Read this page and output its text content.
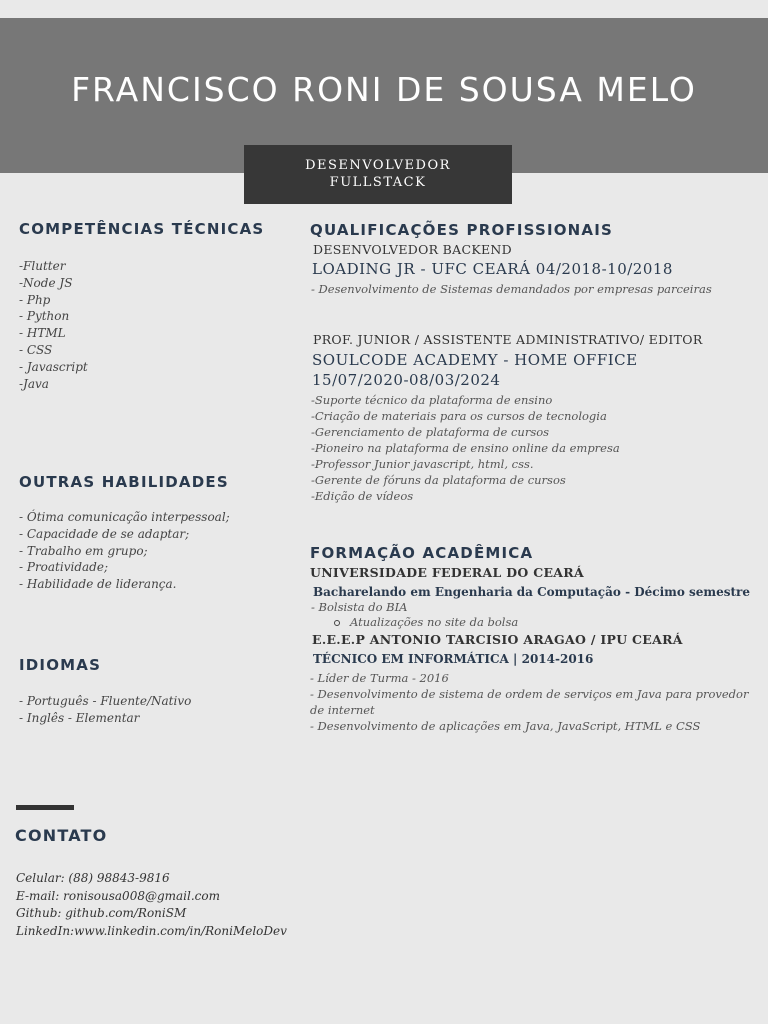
FRANCISCO RONI DE SOUSA MELO
DESENVOLVEDOR
FULLSTACK
COMPETÊNCIAS TÉCNICAS
-Flutter
-Node JS
- Php
- Python
- HTML
- CSS
- Javascript
-Java
OUTRAS HABILIDADES
- Ótima comunicação interpessoal;
- Capacidade de se adaptar;
- Trabalho em grupo;
- Proatividade;
- Habilidade de liderança.
IDIOMAS
- Português - Fluente/Nativo
- Inglês - Elementar
CONTATO
Celular: (88) 98843-9816
E-mail: ronisousa008@gmail.com
Github: github.com/RoniSM
LinkedIn:www.linkedin.com/in/RoniMeloDev
QUALIFICAÇÕES PROFISSIONAIS

DESENVOLVEDOR BACKEND

LOADING JR - UFC CEARÁ 04/2018-10/2018

- Desenvolvimento de Sistemas demandados por empresas parceiras

PROF. JUNIOR / ASSISTENTE ADMINISTRATIVO/ EDITOR

SOULCODE ACADEMY - HOME OFFICE 15/07/2020-08/03/2024

-Suporte técnico da plataforma de ensino
-Criação de materiais para os cursos de tecnologia
-Gerenciamento de plataforma de cursos
-Pioneiro na plataforma de ensino online da empresa
-Professor Junior javascript, html, css.
-Gerente de fóruns da plataforma de cursos
-Edição de vídeos
FORMAÇÃO ACADÊMICA

UNIVERSIDADE FEDERAL DO CEARÁ

Bacharelando em Engenharia da Computação - Décimo semestre

- Bolsista do BIA

Atualizações no site da bolsa

E.E.E.P ANTONIO TARCISIO ARAGAO / IPU CEARÁ

TÉCNICO EM INFORMÁTICA | 2014-2016

- Líder de Turma - 2016
- Desenvolvimento de sistema de ordem de serviços em Java para provedor de internet
- Desenvolvimento de aplicações em Java, JavaScript, HTML e CSS
